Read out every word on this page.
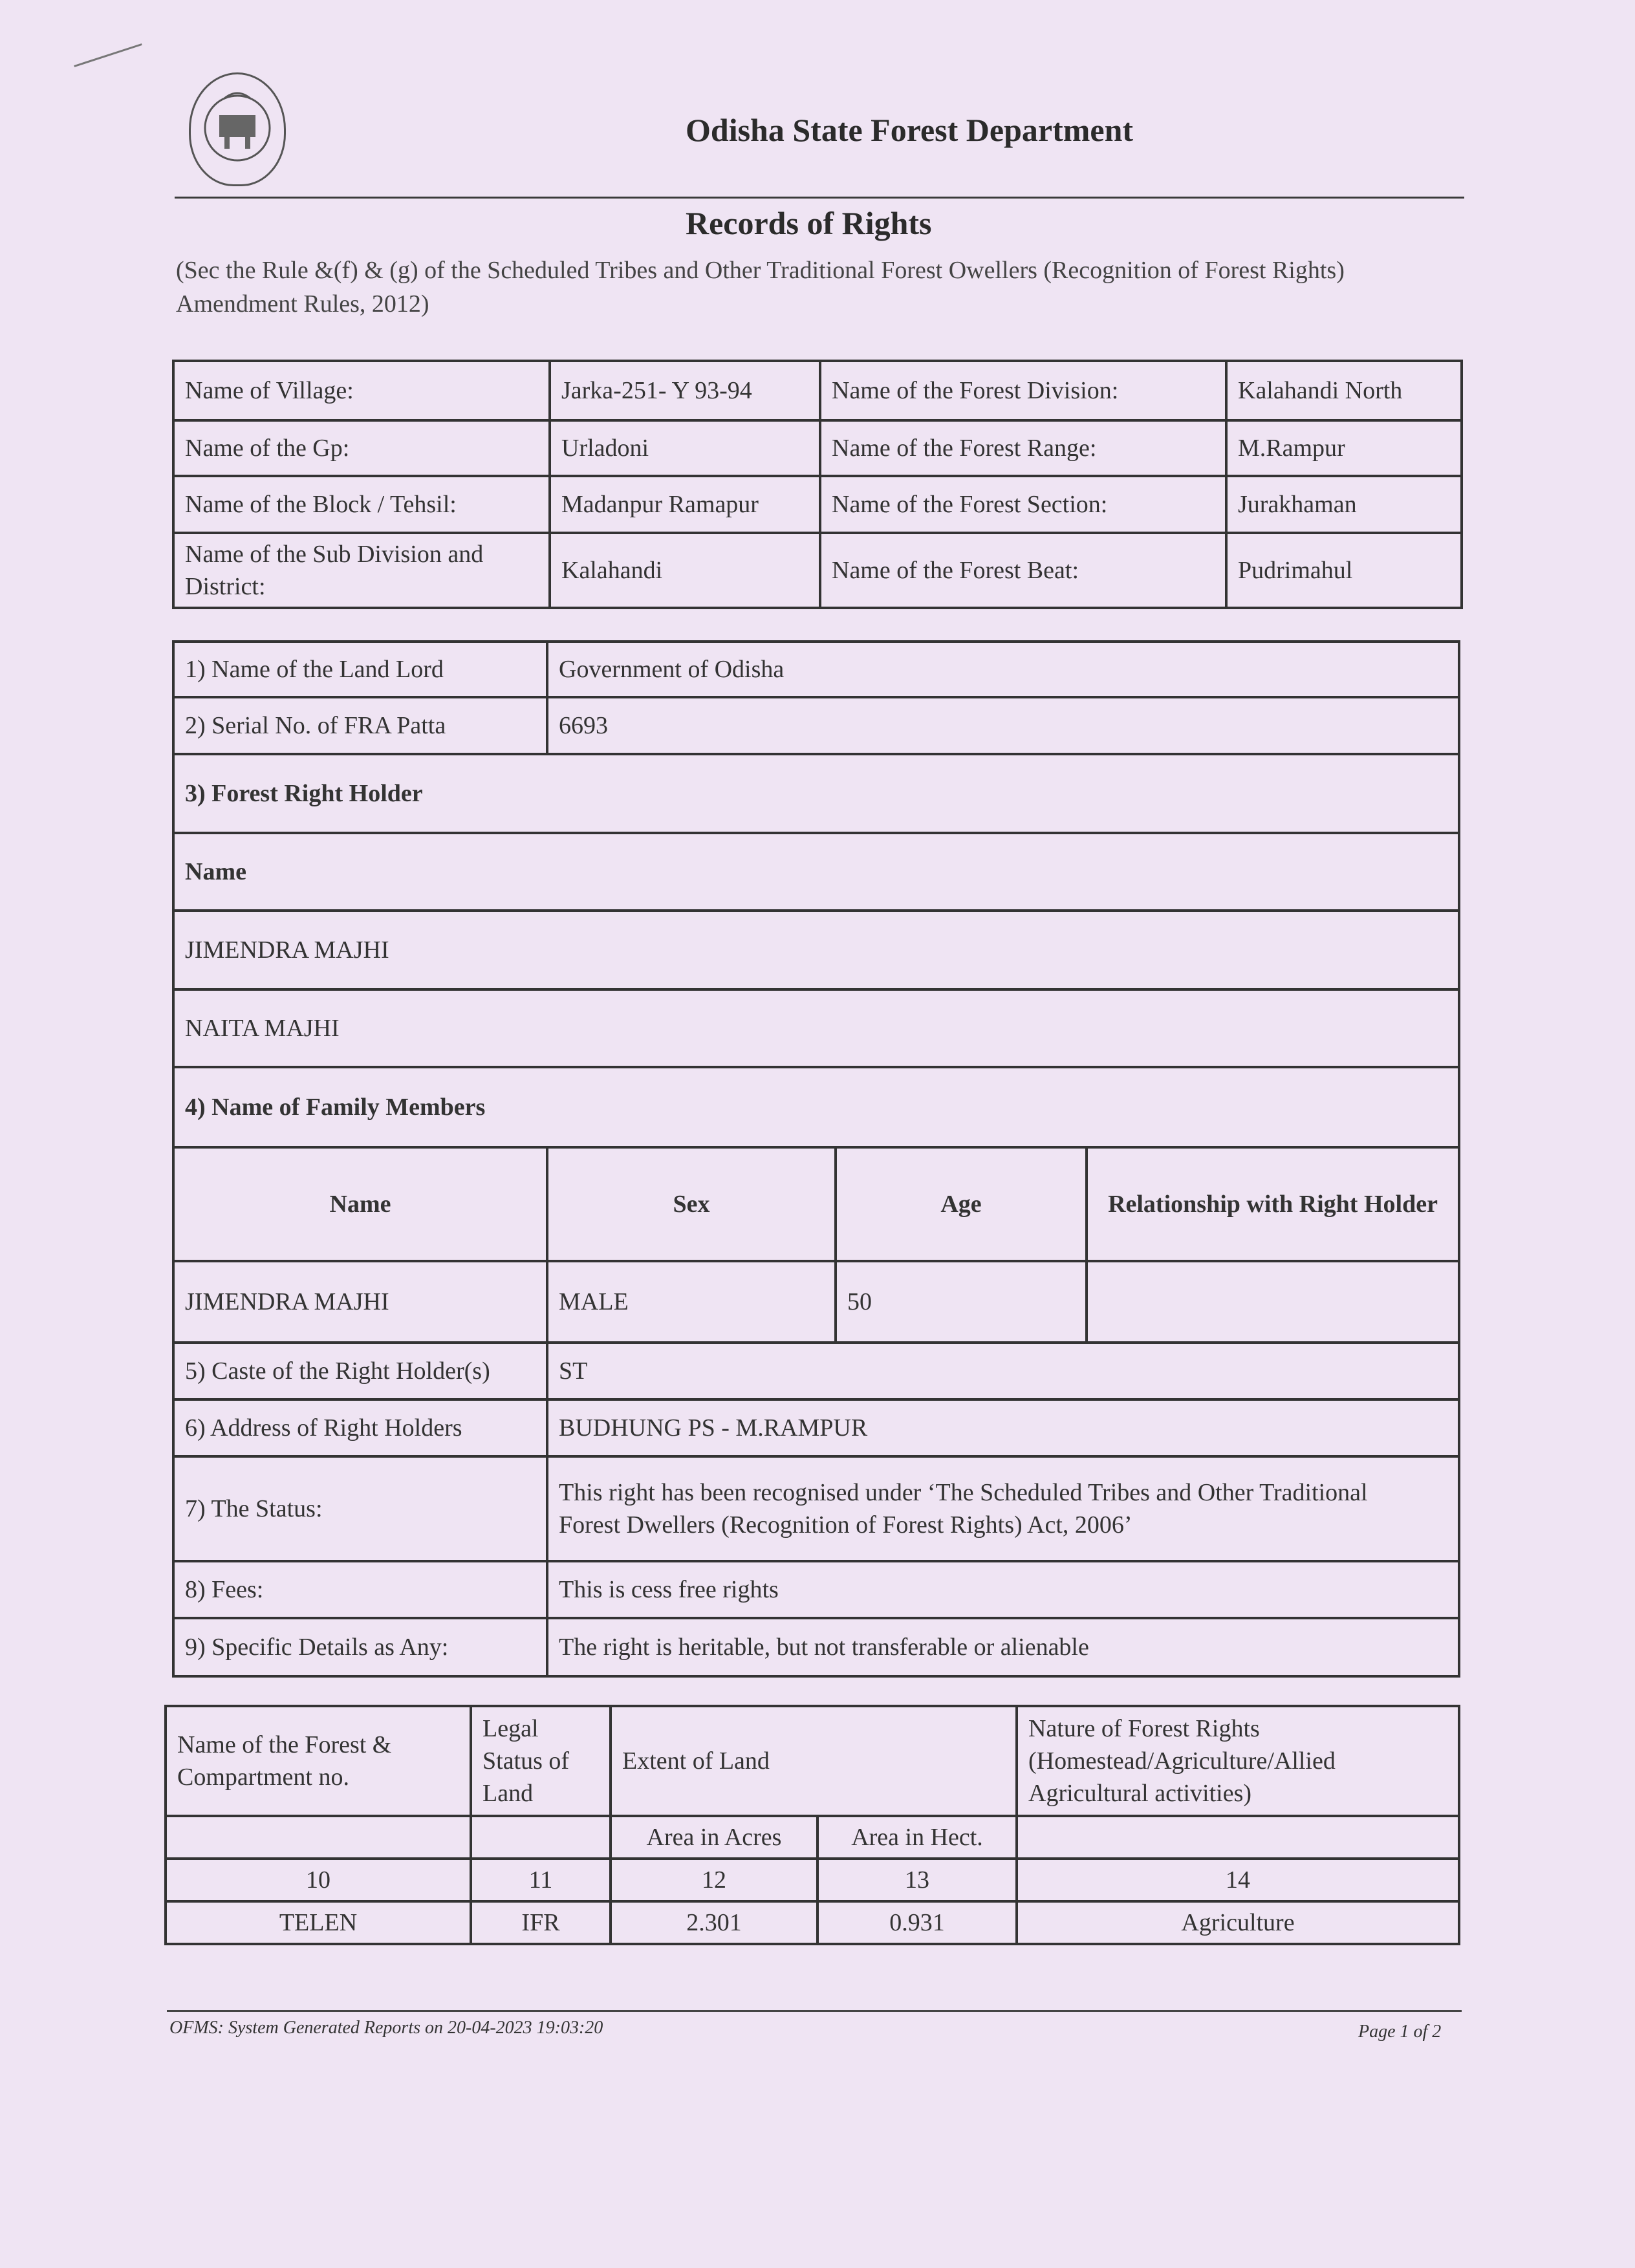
Odisha State Forest Department
Records of Rights
(Sec the Rule &(f) & (g) of the Scheduled Tribes and Other Traditional Forest Owellers (Recognition of Forest Rights) Amendment Rules, 2012)
Name of Village:	Jarka-251- Y 93-94	Name of the Forest Division:	Kalahandi North
Name of the Gp:	Urladoni	Name of the Forest Range:	M.Rampur
Name of the Block / Tehsil:	Madanpur Ramapur	Name of the Forest Section:	Jurakhaman
Name of the Sub Division and District:	Kalahandi	Name of the Forest Beat:	Pudrimahul
1) Name of the Land Lord	Government of Odisha		
2) Serial No. of FRA Patta	6693		
3) Forest Right Holder			
Name			
JIMENDRA MAJHI			
NAITA MAJHI			
4) Name of Family Members			
Name	Sex	Age	Relationship with Right Holder
JIMENDRA MAJHI	MALE	50	
5) Caste of the Right Holder(s)	ST		
6) Address of Right Holders	BUDHUNG PS - M.RAMPUR		
7) The Status:	This right has been recognised under ‘The Scheduled Tribes and Other Traditional
Forest Dwellers (Recognition of Forest Rights) Act, 2006’		

8) Fees:	This is cess free rights		
9) Specific Details as Any:	The right is heritable, but not transferable or alienable		
Name of the Forest & Compartment no.	Legal Status of Land	Extent of Land		Nature of Forest Rights (Homestead/Agriculture/Allied Agricultural activities)
		Area in Acres	Area in Hect.	
10	11	12	13	14
TELEN	IFR	2.301	0.931	Agriculture
OFMS: System Generated Reports on 20-04-2023 19:03:20	Page 1 of 2
